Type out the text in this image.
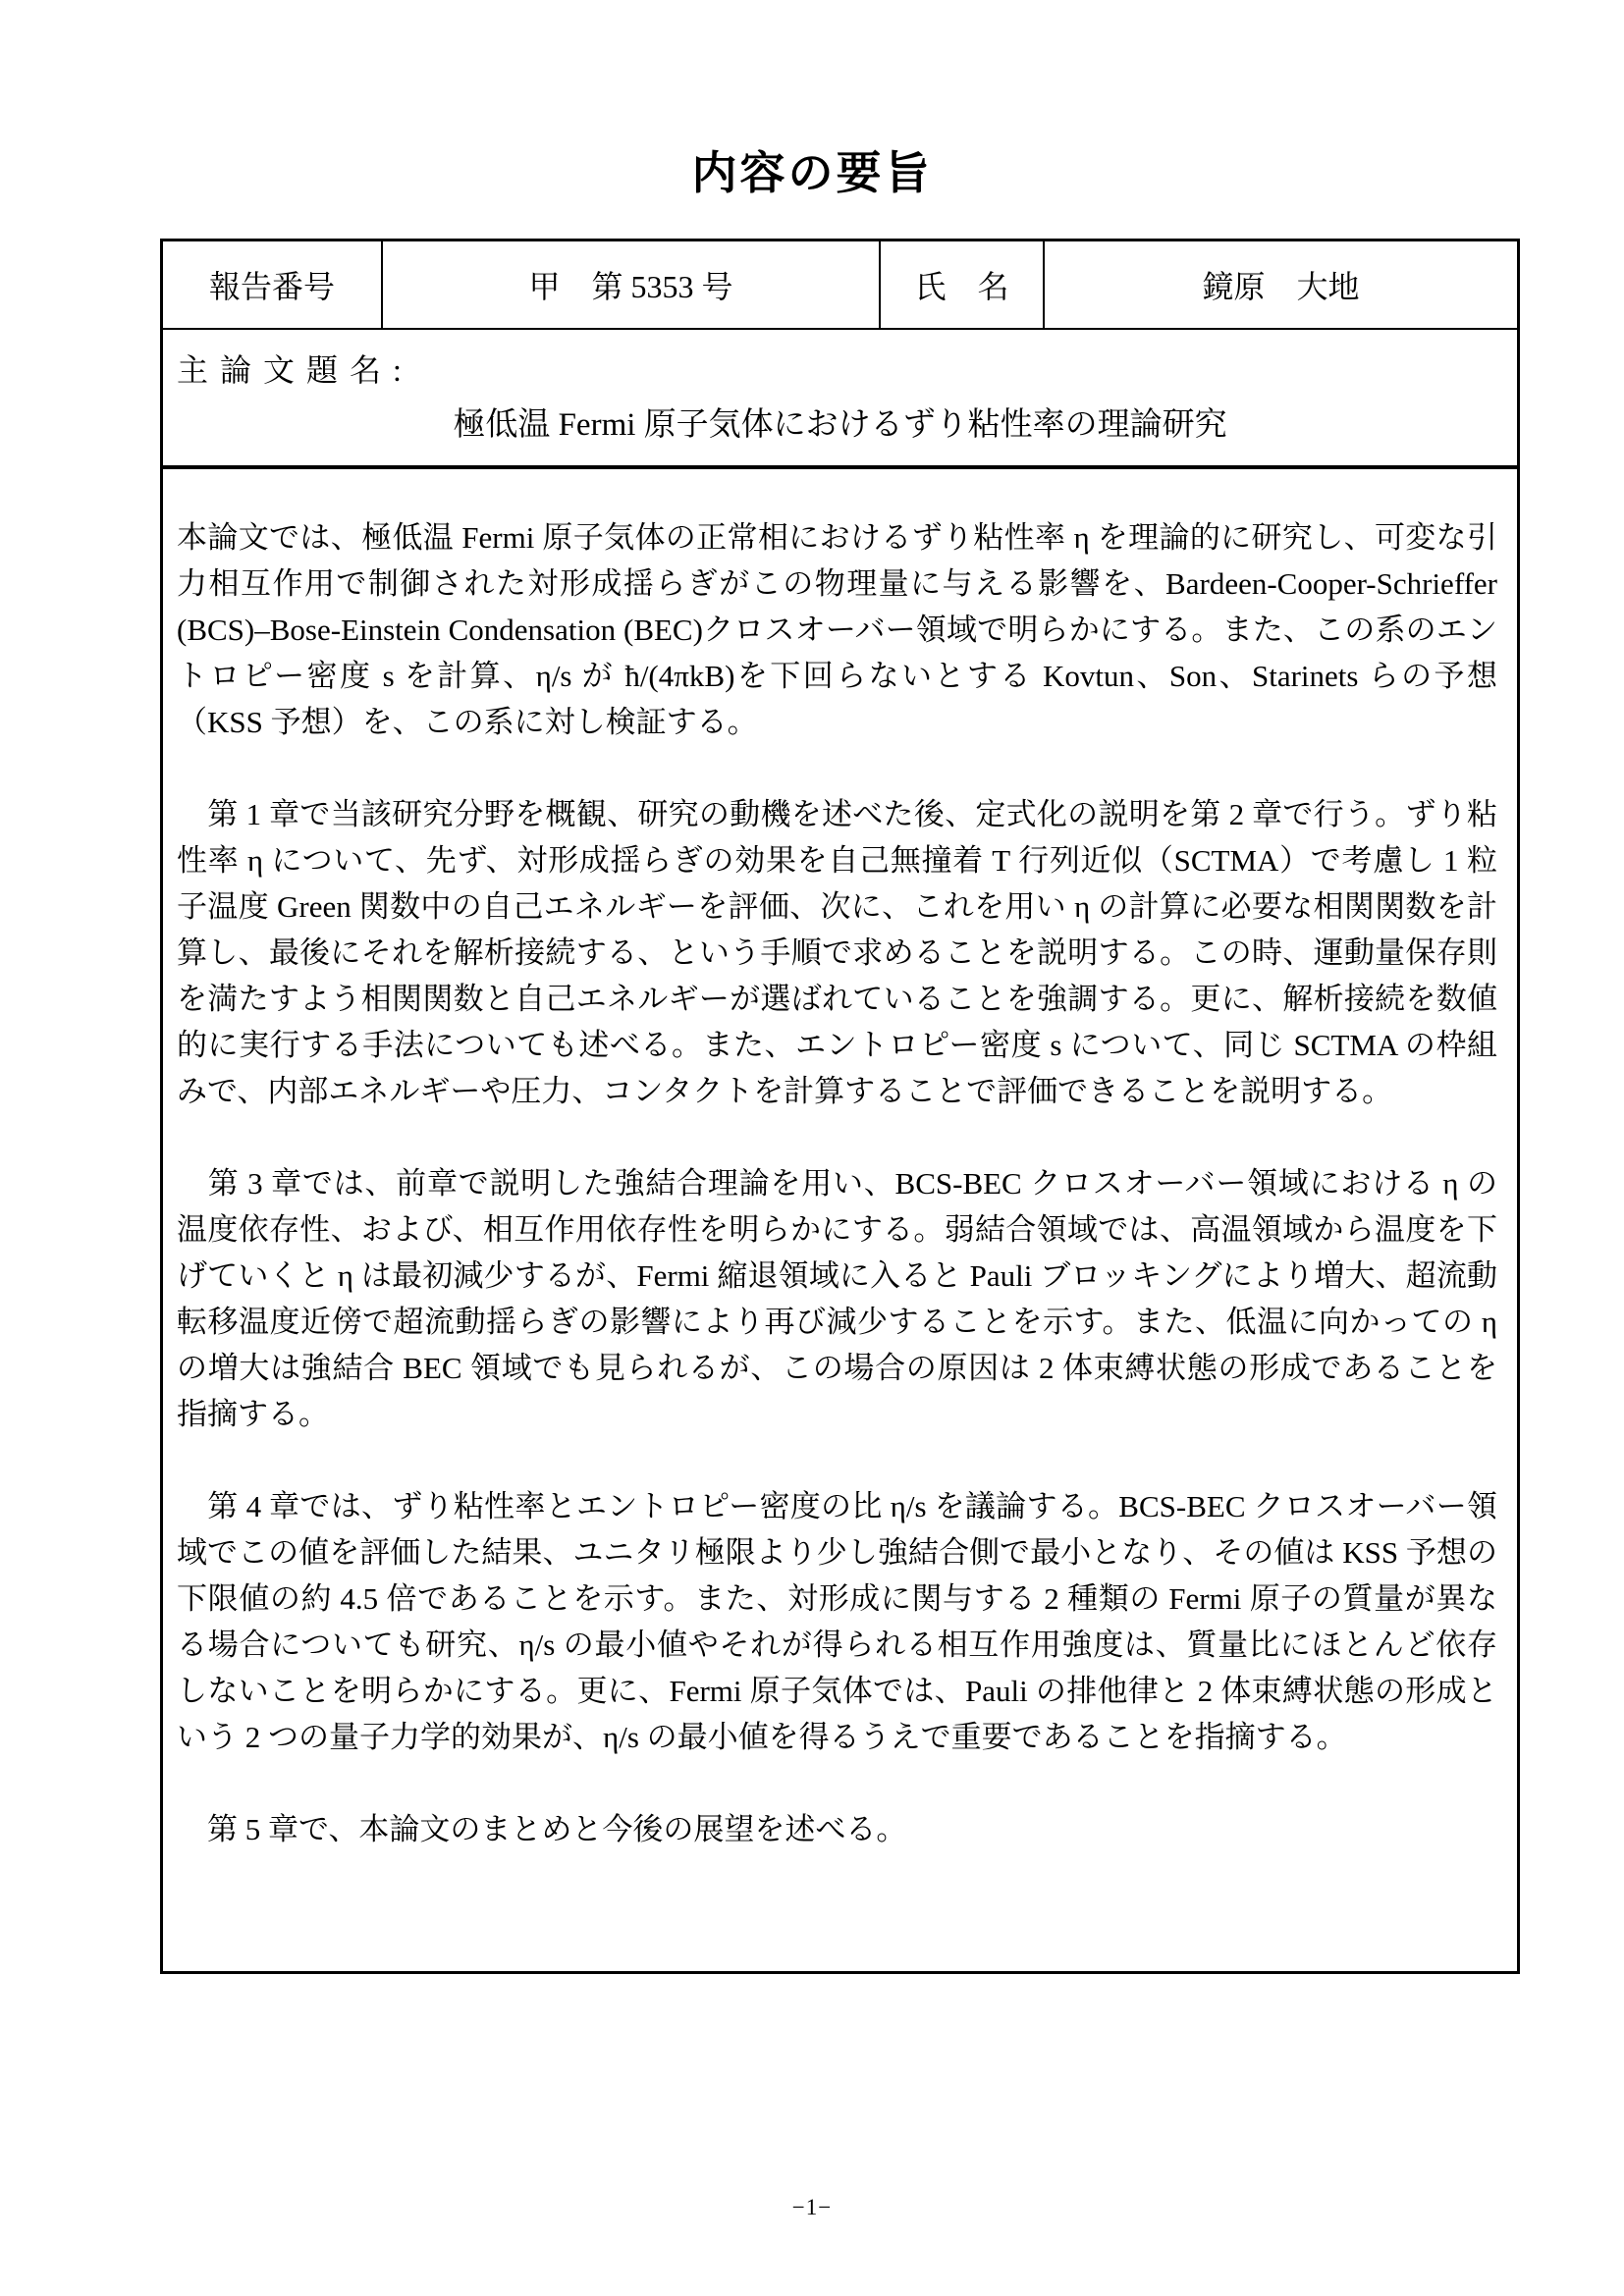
内容の要旨
報告番号	甲　第 5353 号	氏　名	鏡原　大地

主 論 文 題 名 :
極低温 Fermi 原子気体におけるずり粘性率の理論研究

本論文では、極低温 Fermi 原子気体の正常相におけるずり粘性率 η を理論的に研究し、可変な引力相互作用で制御された対形成揺らぎがこの物理量に与える影響を、Bardeen-Cooper-Schrieffer (BCS)–Bose-Einstein Condensation (BEC)クロスオーバー領域で明らかにする。また、この系のエントロピー密度 s を計算、η/s が ħ/(4πkB)を下回らないとする Kovtun、Son、Starinets らの予想（KSS 予想）を、この系に対し検証する。

　第 1 章で当該研究分野を概観、研究の動機を述べた後、定式化の説明を第 2 章で行う。ずり粘性率 η について、先ず、対形成揺らぎの効果を自己無撞着 T 行列近似（SCTMA）で考慮し 1 粒子温度 Green 関数中の自己エネルギーを評価、次に、これを用い η の計算に必要な相関関数を計算し、最後にそれを解析接続する、という手順で求めることを説明する。この時、運動量保存則を満たすよう相関関数と自己エネルギーが選ばれていることを強調する。更に、解析接続を数値的に実行する手法についても述べる。また、エントロピー密度 s について、同じ SCTMA の枠組みで、内部エネルギーや圧力、コンタクトを計算することで評価できることを説明する。

　第 3 章では、前章で説明した強結合理論を用い、BCS-BEC クロスオーバー領域における η の温度依存性、および、相互作用依存性を明らかにする。弱結合領域では、高温領域から温度を下げていくと η は最初減少するが、Fermi 縮退領域に入ると Pauli ブロッキングにより増大、超流動転移温度近傍で超流動揺らぎの影響により再び減少することを示す。また、低温に向かっての η の増大は強結合 BEC 領域でも見られるが、この場合の原因は 2 体束縛状態の形成であることを指摘する。

　第 4 章では、ずり粘性率とエントロピー密度の比 η/s を議論する。BCS-BEC クロスオーバー領域でこの値を評価した結果、ユニタリ極限より少し強結合側で最小となり、その値は KSS 予想の下限値の約 4.5 倍であることを示す。また、対形成に関与する 2 種類の Fermi 原子の質量が異なる場合についても研究、η/s の最小値やそれが得られる相互作用強度は、質量比にほとんど依存しないことを明らかにする。更に、Fermi 原子気体では、Pauli の排他律と 2 体束縛状態の形成という 2 つの量子力学的効果が、η/s の最小値を得るうえで重要であることを指摘する。

　第 5 章で、本論文のまとめと今後の展望を述べる。

−1−
